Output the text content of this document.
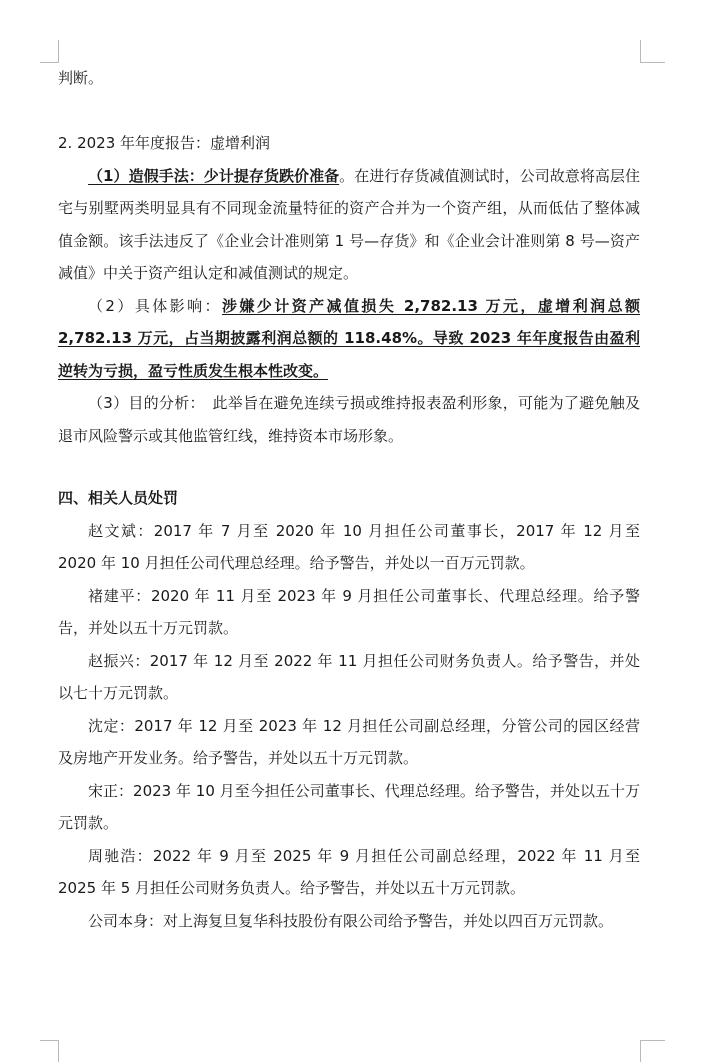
判断。

2. 2023 年年度报告：虚增利润

（1）造假手法：少计提存货跌价准备。在进行存货减值测试时，公司故意将高层住宅与别墅两类明显具有不同现金流量特征的资产合并为一个资产组，从而低估了整体减值金额。该手法违反了《企业会计准则第 1 号—存货》和《企业会计准则第 8 号—资产减值》中关于资产组认定和减值测试的规定。

（2）具体影响：涉嫌少计资产减值损失 2,782.13 万元，虚增利润总额 2,782.13 万元，占当期披露利润总额的 118.48%。导致 2023 年年度报告由盈利逆转为亏损，盈亏性质发生根本性改变。

（3）目的分析：　此举旨在避免连续亏损或维持报表盈利形象，可能为了避免触及退市风险警示或其他监管红线，维持资本市场形象。

四、相关人员处罚

赵文斌：2017 年 7 月至 2020 年 10 月担任公司董事长，2017 年 12 月至 2020 年 10 月担任公司代理总经理。给予警告，并处以一百万元罚款。

褚建平：2020 年 11 月至 2023 年 9 月担任公司董事长、代理总经理。给予警告，并处以五十万元罚款。

赵振兴：2017 年 12 月至 2022 年 11 月担任公司财务负责人。给予警告，并处以七十万元罚款。

沈定：2017 年 12 月至 2023 年 12 月担任公司副总经理，分管公司的园区经营及房地产开发业务。给予警告，并处以五十万元罚款。

宋正：2023 年 10 月至今担任公司董事长、代理总经理。给予警告，并处以五十万元罚款。

周驰浩：2022 年 9 月至 2025 年 9 月担任公司副总经理，2022 年 11 月至 2025 年 5 月担任公司财务负责人。给予警告，并处以五十万元罚款。

公司本身：对上海复旦复华科技股份有限公司给予警告，并处以四百万元罚款。
